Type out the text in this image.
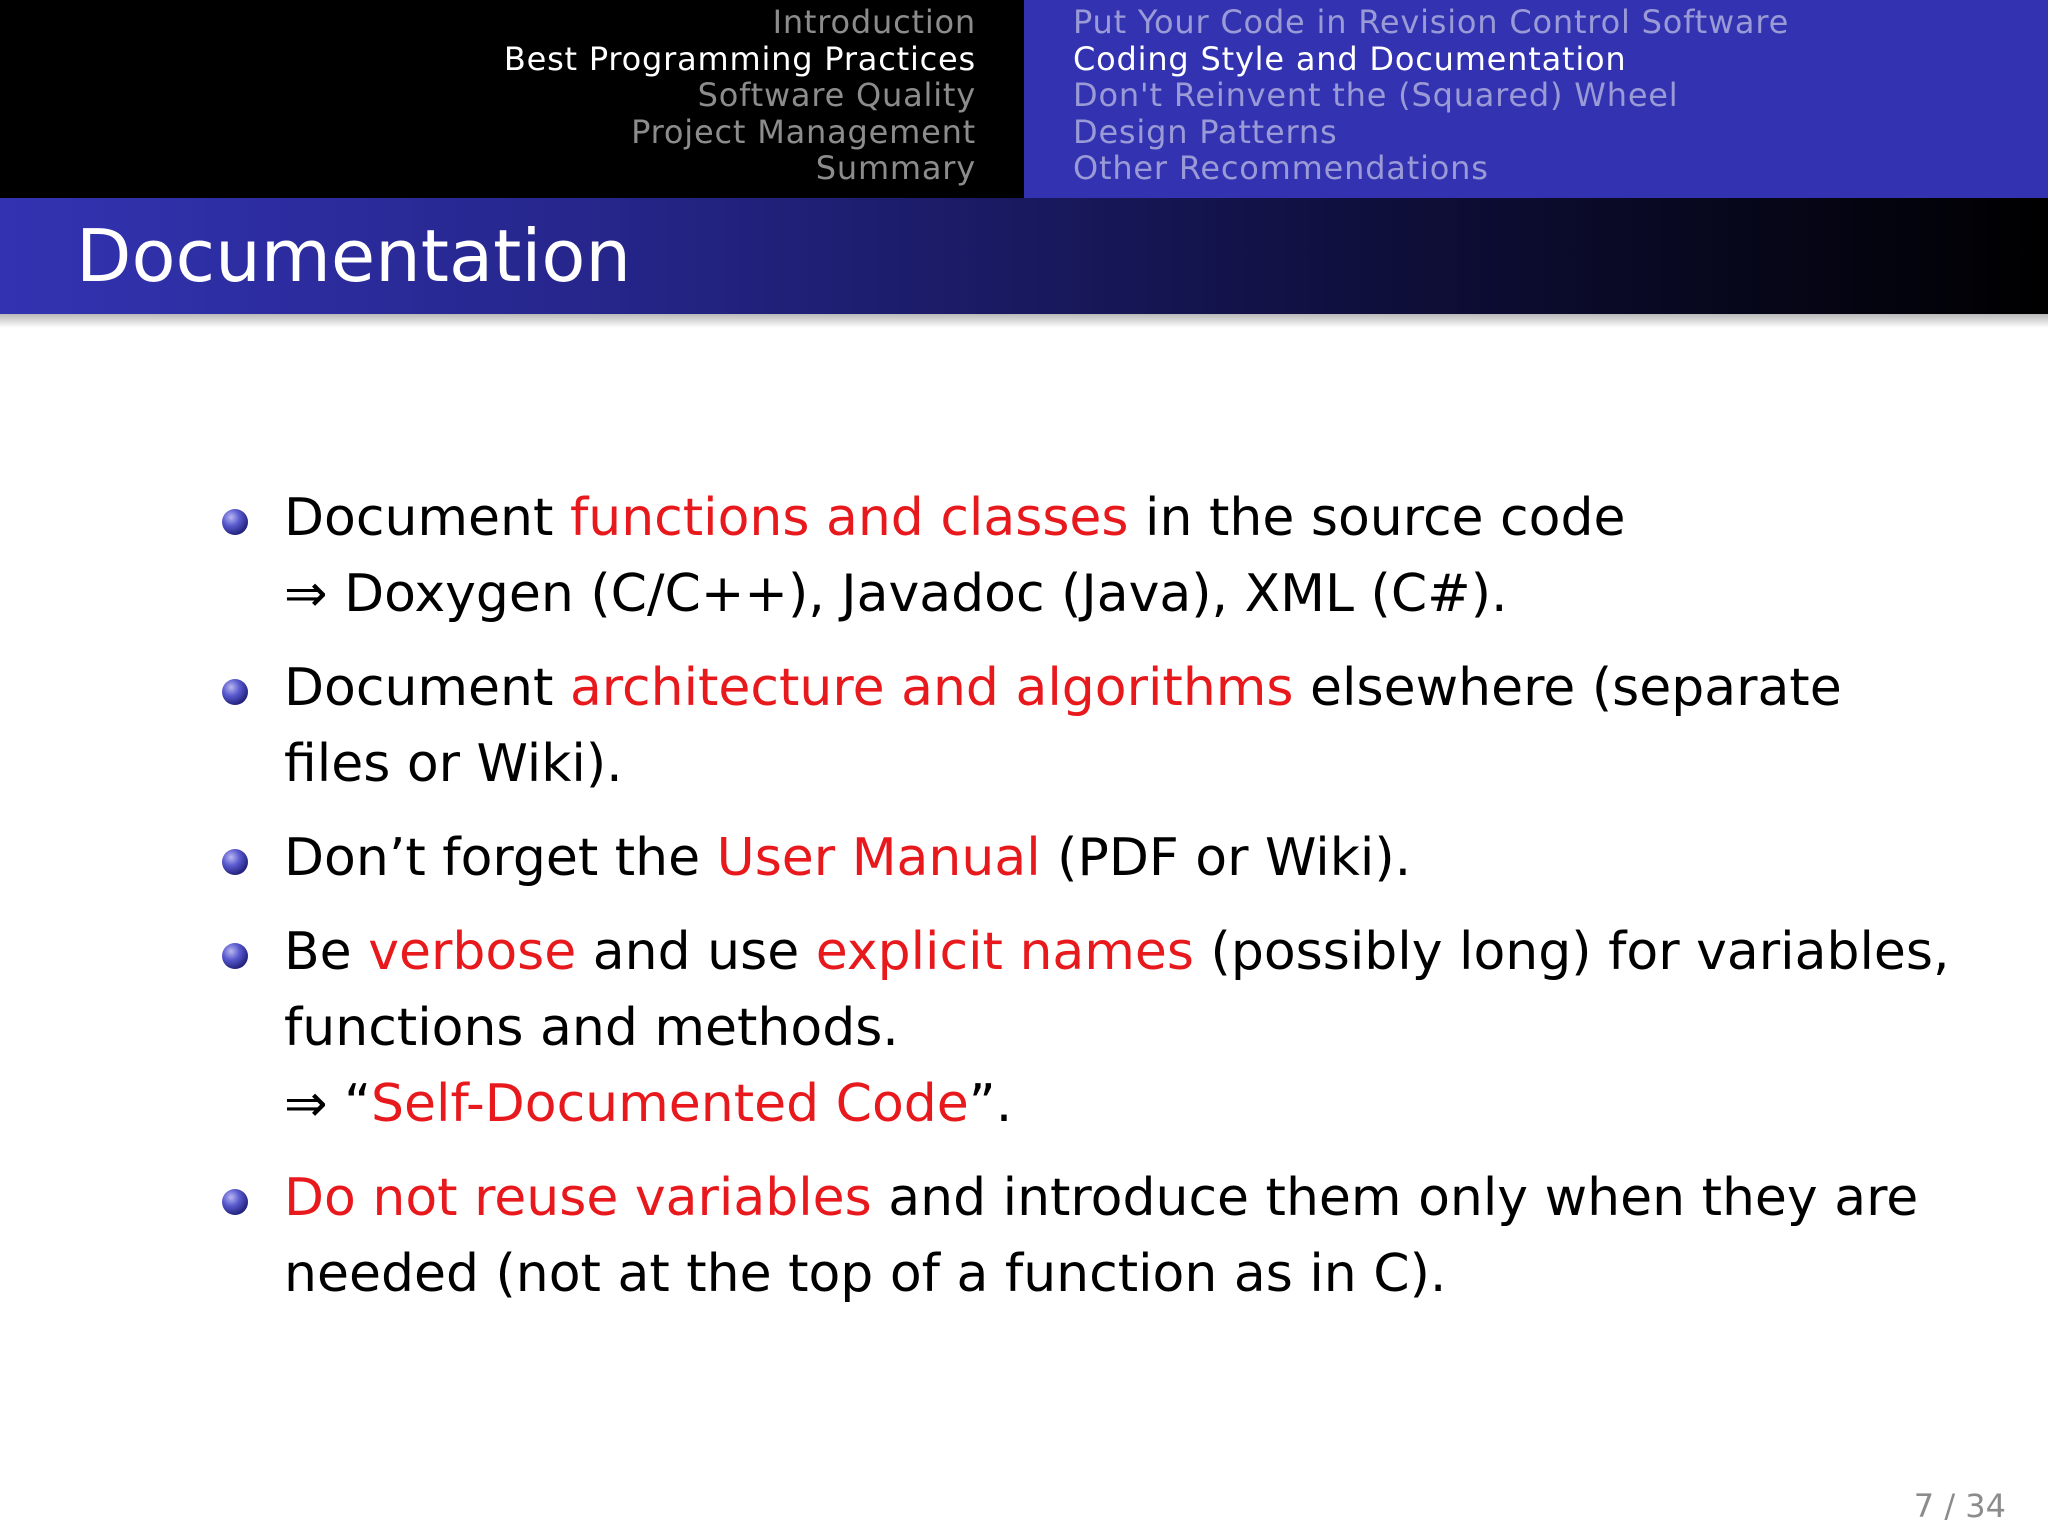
Introduction
Best Programming Practices
Software Quality
Project Management
Summary
Put Your Code in Revision Control Software
Coding Style and Documentation
Don't Reinvent the (Squared) Wheel
Design Patterns
Other Recommendations
Documentation
Document functions and classes in the source code
⇒ Doxygen (C/C++), Javadoc (Java), XML (C#).
Document architecture and algorithms elsewhere (separate
files or Wiki).
Don’t forget the User Manual (PDF or Wiki).
Be verbose and use explicit names (possibly long) for variables,
functions and methods.
⇒ “Self-Documented Code”.
Do not reuse variables and introduce them only when they are
needed (not at the top of a function as in C).
7 / 34
